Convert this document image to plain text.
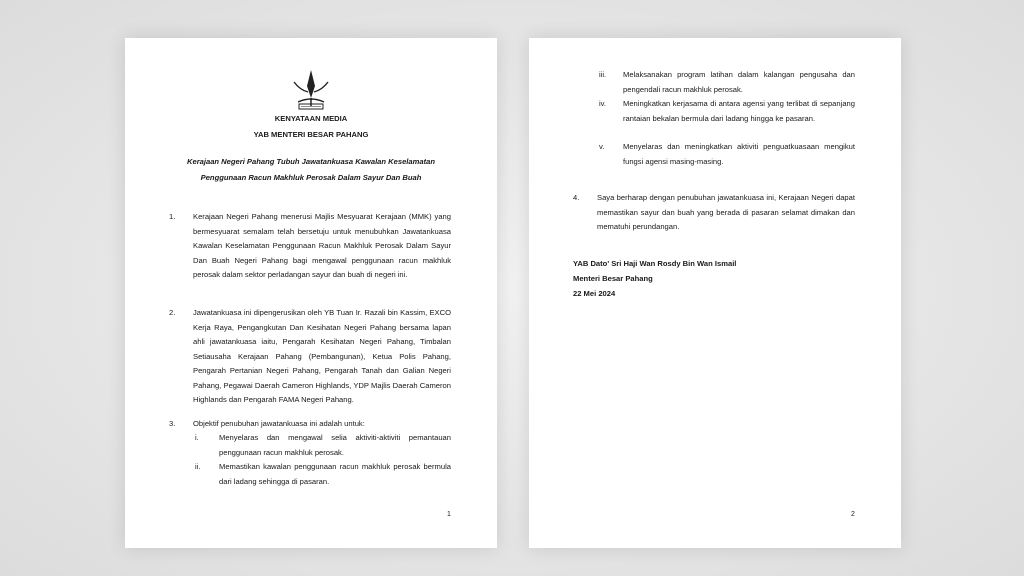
KENYATAAN MEDIA
YAB MENTERI BESAR PAHANG
Kerajaan Negeri Pahang Tubuh Jawatankuasa Kawalan Keselamatan
Penggunaan Racun Makhluk Perosak Dalam Sayur Dan Buah
1. Kerajaan Negeri Pahang menerusi Majlis Mesyuarat Kerajaan (MMK) yang bermesyuarat semalam telah bersetuju untuk menubuhkan Jawatankuasa Kawalan Keselamatan Penggunaan Racun Makhluk Perosak Dalam Sayur Dan Buah Negeri Pahang bagi mengawal penggunaan racun makhluk perosak dalam sektor perladangan sayur dan buah di negeri ini.
2. Jawatankuasa ini dipengerusikan oleh YB Tuan Ir. Razali bin Kassim, EXCO Kerja Raya, Pengangkutan Dan Kesihatan Negeri Pahang bersama lapan ahli jawatankuasa iaitu, Pengarah Kesihatan Negeri Pahang, Timbalan Setiausaha Kerajaan Pahang (Pembangunan), Ketua Polis Pahang, Pengarah Pertanian Negeri Pahang, Pengarah Tanah dan Galian Negeri Pahang, Pegawai Daerah Cameron Highlands, YDP Majlis Daerah Cameron Highlands dan Pengarah FAMA Negeri Pahang.
3. Objektif penubuhan jawatankuasa ini adalah untuk:
i.	Menyelaras dan mengawal selia aktiviti-aktiviti pemantauan penggunaan racun makhluk perosak.
ii. Memastikan kawalan penggunaan racun makhluk perosak bermula dari ladang sehingga di pasaran.
1
iii. Melaksanakan program latihan dalam kalangan pengusaha dan pengendali racun makhluk perosak.
iv. Meningkatkan kerjasama di antara agensi yang terlibat di sepanjang rantaian bekalan bermula dari ladang hingga ke pasaran.
v. Menyelaras dan meningkatkan aktiviti penguatkuasaan mengikut fungsi agensi masing-masing.
4. Saya berharap dengan penubuhan jawatankuasa ini, Kerajaan Negeri dapat memastikan sayur dan buah yang berada di pasaran selamat dimakan dan mematuhi perundangan.
YAB Dato' Sri Haji Wan Rosdy Bin Wan Ismail
Menteri Besar Pahang
22 Mei 2024
2
